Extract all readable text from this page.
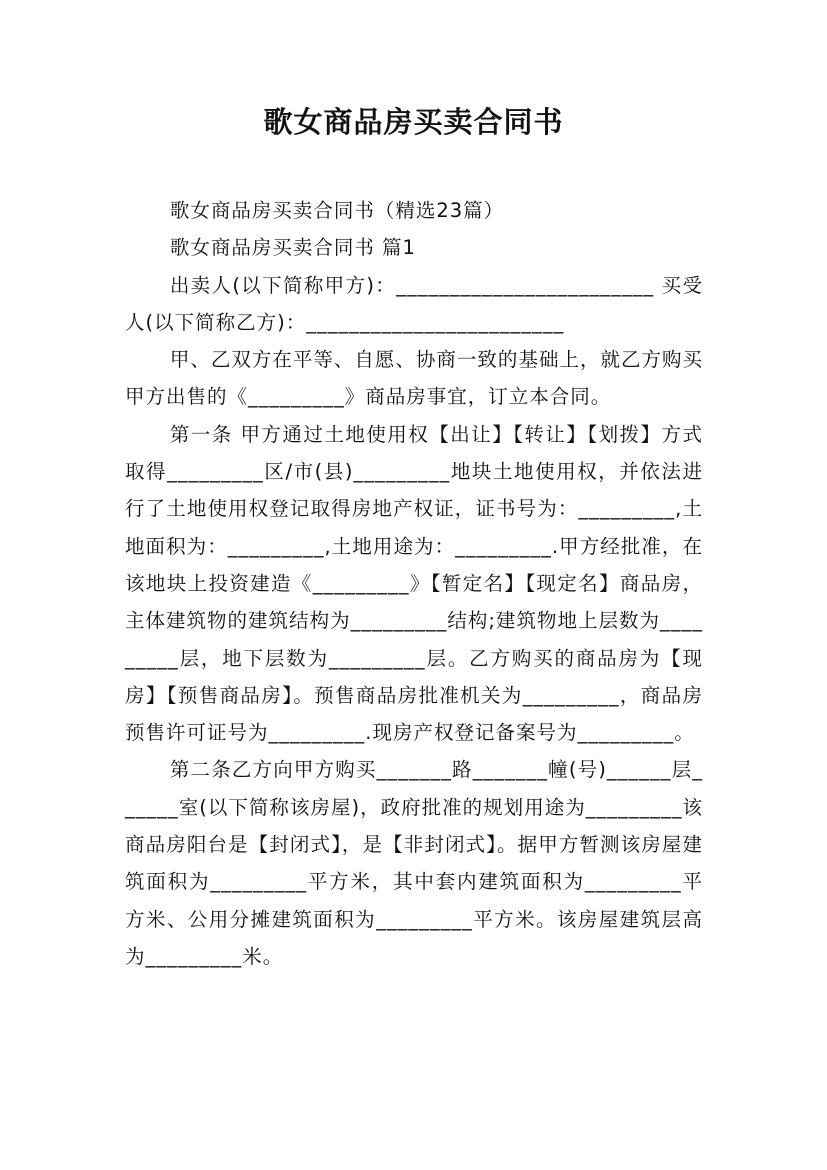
歌女商品房买卖合同书

歌女商品房买卖合同书（精选23篇）

歌女商品房买卖合同书 篇1

出卖人(以下简称甲方)：________________________ 买受人(以下简称乙方)：________________________

甲、乙双方在平等、自愿、协商一致的基础上，就乙方购买甲方出售的《_________》商品房事宜，订立本合同。

第一条 甲方通过土地使用权【出让】【转让】【划拨】方式取得_________区/市(县)_________地块土地使用权，并依法进行了土地使用权登记取得房地产权证，证书号为：_________,土地面积为：_________,土地用途为：_________.甲方经批准，在该地块上投资建造《_________》【暂定名】【现定名】商品房，主体建筑物的建筑结构为_________结构;建筑物地上层数为_________层，地下层数为_________层。乙方购买的商品房为【现房】【预售商品房】。预售商品房批准机关为_________，商品房预售许可证号为_________.现房产权登记备案号为_________。

第二条乙方向甲方购买_______路_______幢(号)______层______室(以下简称该房屋)，政府批准的规划用途为_________该商品房阳台是【封闭式】，是【非封闭式】。据甲方暂测该房屋建筑面积为_________平方米，其中套内建筑面积为_________平方米、公用分摊建筑面积为_________平方米。该房屋建筑层高为_________米。
